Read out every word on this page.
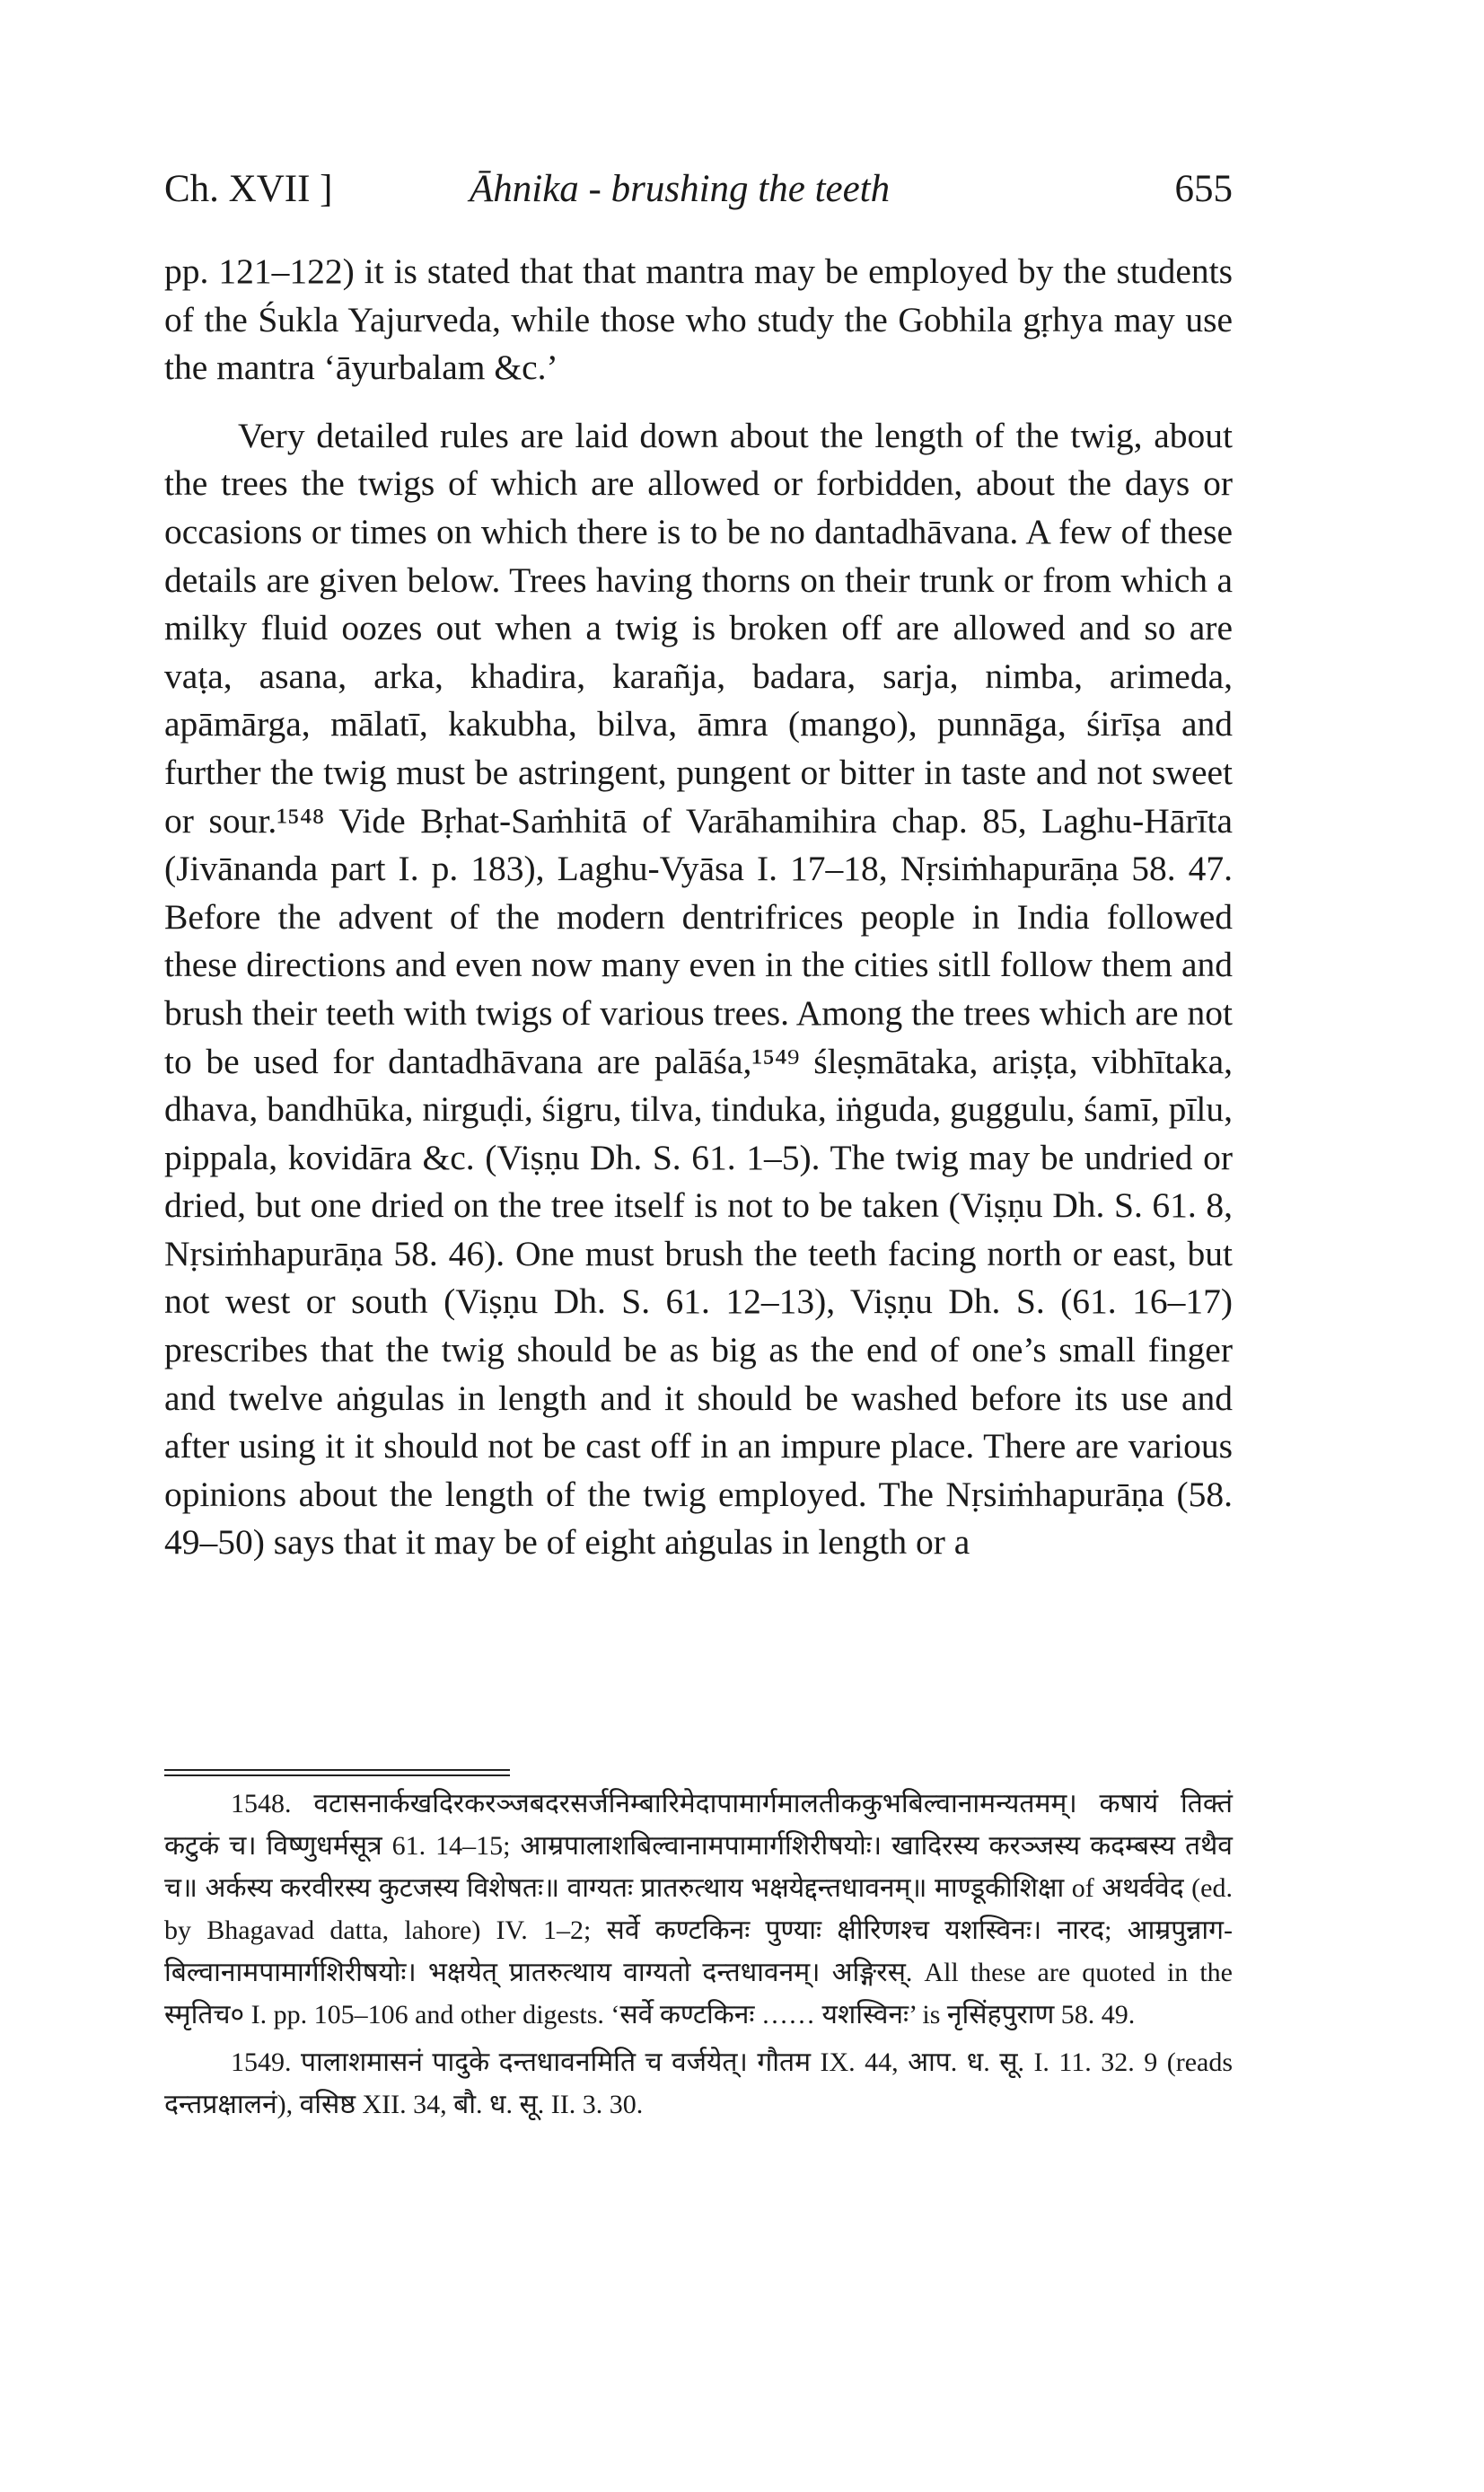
Ch. XVII ]	Āhnika - brushing the teeth	655

pp. 121–122) it is stated that that mantra may be employed by the students of the Śukla Yajurveda, while those who study the Gobhila gṛhya may use the mantra ‘āyurbalam &c.’

Very detailed rules are laid down about the length of the twig, about the trees the twigs of which are allowed or forbidden, about the days or occasions or times on which there is to be no dantadhāvana. A few of these details are given below. Trees having thorns on their trunk or from which a milky fluid oozes out when a twig is broken off are allowed and so are vaṭa, asana, arka, khadira, karañja, badara, sarja, nimba, arimeda, apāmārga, mālatī, kakubha, bilva, āmra (mango), punnāga, śirīṣa and further the twig must be astringent, pungent or bitter in taste and not sweet or sour.¹⁵⁴⁸ Vide Bṛhat-Saṁhitā of Varāhamihira chap. 85, Laghu-Hārīta (Jivānanda part I. p. 183), Laghu-Vyāsa I. 17–18, Nṛsiṁhapurāṇa 58. 47. Before the advent of the modern dentrifrices people in India followed these directions and even now many even in the cities sitll follow them and brush their teeth with twigs of various trees. Among the trees which are not to be used for dantadhāvana are palāśa,¹⁵⁴⁹ śleṣmātaka, ariṣṭa, vibhītaka, dhava, bandhūka, nirguḍi, śigru, tilva, tinduka, iṅguda, guggulu, śamī, pīlu, pippala, kovidāra &c. (Viṣṇu Dh. S. 61. 1–5). The twig may be undried or dried, but one dried on the tree itself is not to be taken (Viṣṇu Dh. S. 61. 8, Nṛsiṁhapurāṇa 58. 46). One must brush the teeth facing north or east, but not west or south (Viṣṇu Dh. S. 61. 12–13), Viṣṇu Dh. S. (61. 16–17) prescribes that the twig should be as big as the end of one’s small finger and twelve aṅgulas in length and it should be washed before its use and after using it it should not be cast off in an impure place. There are various opinions about the length of the twig employed. The Nṛsiṁhapurāṇa (58. 49–50) says that it may be of eight aṅgulas in length or a

1548. वटासनार्कखदिरकरञ्जबदरसर्जनिम्बारिमेदापामार्गमालतीककुभबिल्वानामन्यतमम्। कषायं तिक्तं कटुकं च। विष्णुधर्मसूत्र 61. 14–15; आम्रपालाशबिल्वानामपामार्गशिरीषयोः। खादिरस्य करञ्जस्य कदम्बस्य तथैव च॥ अर्कस्य करवीरस्य कुटजस्य विशेषतः॥ वाग्यतः प्रातरुत्थाय भक्षयेद्दन्तधावनम्॥ माण्डूकीशिक्षा of अथर्ववेद (ed. by Bhagavad datta, lahore) IV. 1–2; सर्वे कण्टकिनः पुण्याः क्षीरिणश्च यशस्विनः। नारद; आम्रपुन्नाग-बिल्वानामपामार्गशिरीषयोः। भक्षयेत् प्रातरुत्थाय वाग्यतो दन्तधावनम्। अङ्गिरस्. All these are quoted in the स्मृतिच० I. pp. 105–106 and other digests. ‘सर्वे कण्टकिनः …… यशस्विनः’ is नृसिंहपुराण 58. 49.

1549. पालाशमासनं पादुके दन्तधावनमिति च वर्जयेत्। गौतम IX. 44, आप. ध. सू. I. 11. 32. 9 (reads दन्तप्रक्षालनं), वसिष्ठ XII. 34, बौ. ध. सू. II. 3. 30.
